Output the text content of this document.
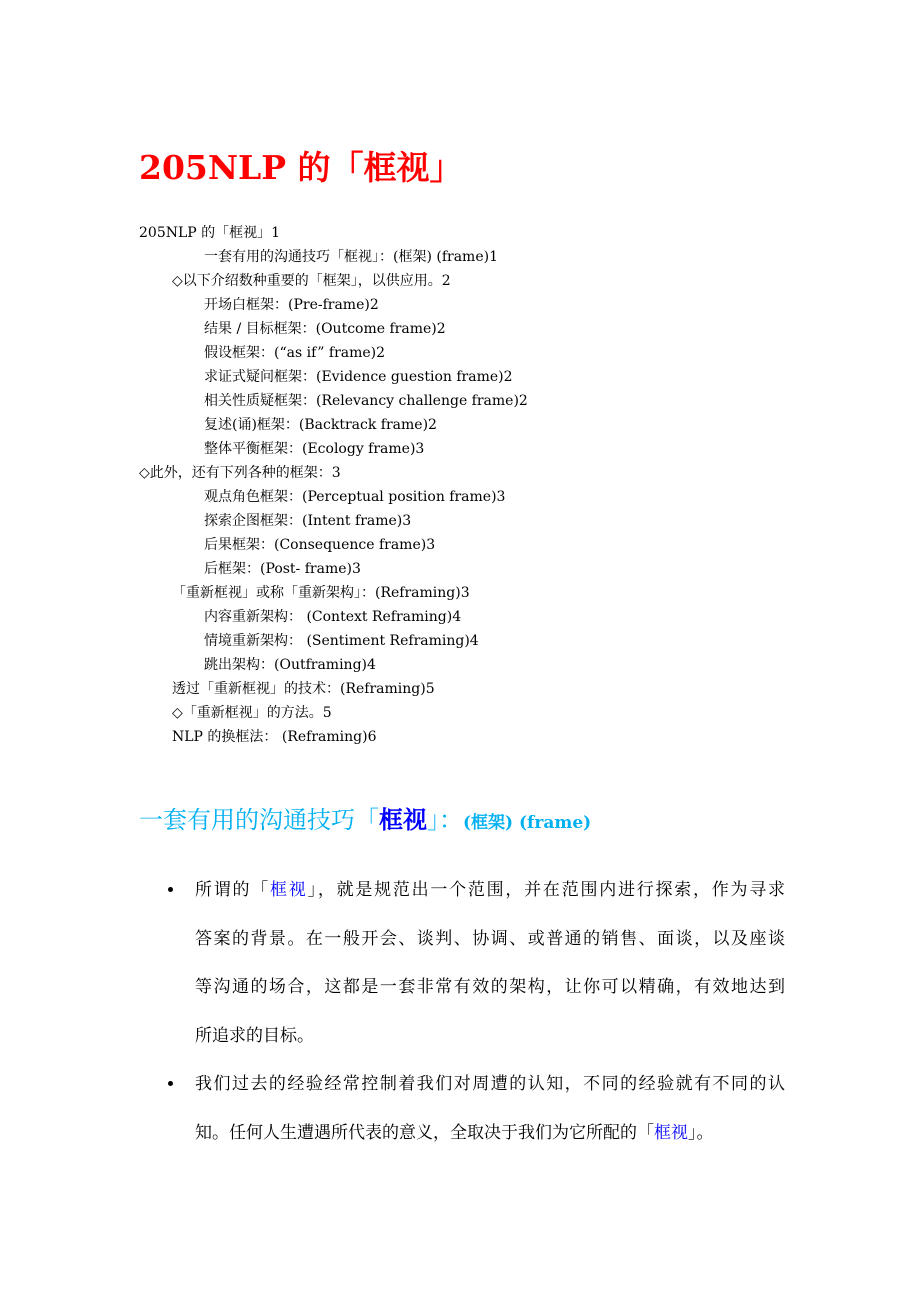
205NLP 的「框视」
205NLP 的「框视」1
一套有用的沟通技巧「框视」：(框架) (frame)1
◇以下介绍数种重要的「框架」，以供应用。2
开场白框架：(Pre-frame)2
结果 / 目标框架：(Outcome frame)2
假设框架：(“as if” frame)2
求证式疑问框架：(Evidence guestion frame)2
相关性质疑框架：(Relevancy challenge frame)2
复述(诵)框架：(Backtrack frame)2
整体平衡框架：(Ecology frame)3
◇此外，还有下列各种的框架：3
观点角色框架：(Perceptual position frame)3
探索企图框架：(Intent frame)3
后果框架：(Consequence frame)3
后框架：(Post- frame)3
「重新框视」或称「重新架构」：(Reframing)3
内容重新架构： (Context Reframing)4
情境重新架构： (Sentiment Reframing)4
跳出架构：(Outframing)4
透过「重新框视」的技术：(Reframing)5
◇「重新框视」的方法。5
NLP 的换框法： (Reframing)6
一套有用的沟通技巧「框视」：(框架) (frame)
所谓的「框视」，就是规范出一个范围，并在范围内进行探索，作为寻求
答案的背景。在一般开会、谈判、协调、或普通的销售、面谈，以及座谈
等沟通的场合，这都是一套非常有效的架构，让你可以精确，有效地达到
所追求的目标。
我们过去的经验经常控制着我们对周遭的认知，不同的经验就有不同的认
知。任何人生遭遇所代表的意义，全取决于我们为它所配的「框视」。
